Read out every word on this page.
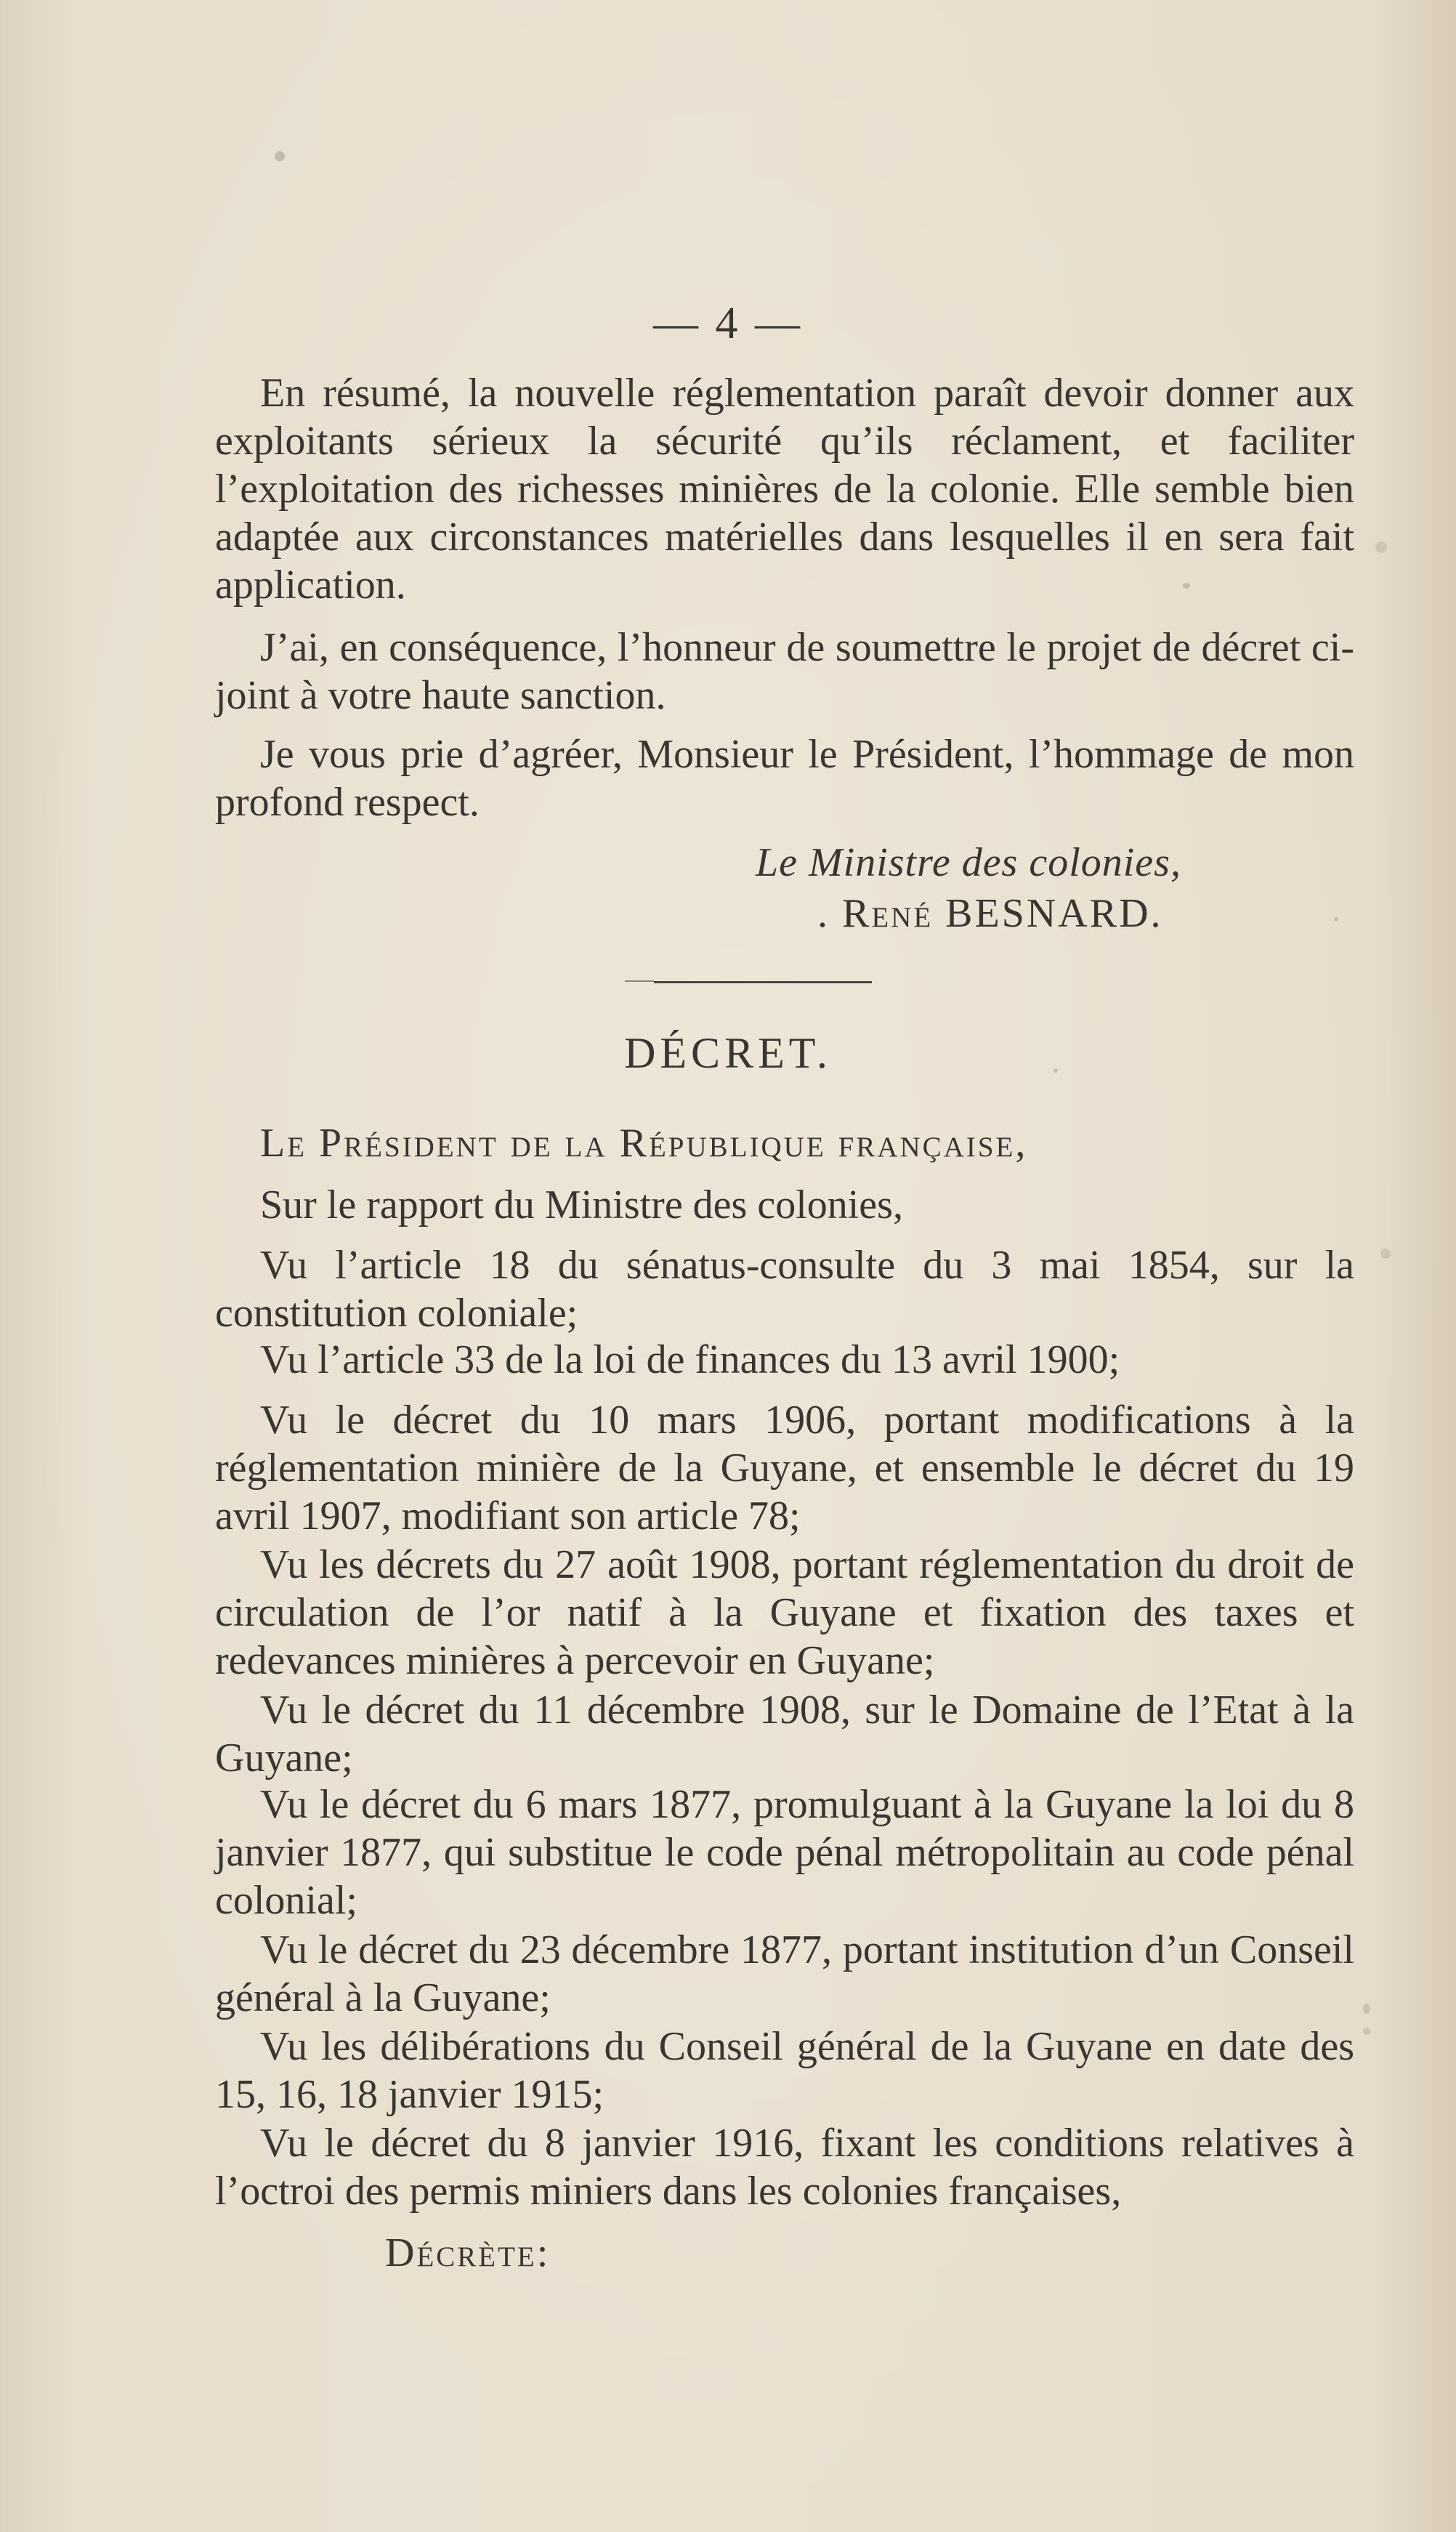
— 4 —

En résumé, la nouvelle réglementation paraît devoir donner aux exploitants sérieux la sécurité qu’ils réclament, et faciliter l’exploitation des richesses minières de la colonie. Elle semble bien adaptée aux circonstances matérielles dans lesquelles il en sera fait application.

J’ai, en conséquence, l’honneur de soumettre le projet de décret ci-joint à votre haute sanction.

Je vous prie d’agréer, Monsieur le Président, l’hommage de mon profond respect.

Le Ministre des colonies,
. René BESNARD.
DÉCRET.

Le Président de la République française,

Sur le rapport du Ministre des colonies,

Vu l’article 18 du sénatus-consulte du 3 mai 1854, sur la constitution coloniale;

Vu l’article 33 de la loi de finances du 13 avril 1900;

Vu le décret du 10 mars 1906, portant modifications à la réglementation minière de la Guyane, et ensemble le décret du 19 avril 1907, modifiant son article 78;

Vu les décrets du 27 août 1908, portant réglementation du droit de circulation de l’or natif à la Guyane et fixation des taxes et redevances minières à percevoir en Guyane;

Vu le décret du 11 décembre 1908, sur le Domaine de l’Etat à la Guyane;

Vu le décret du 6 mars 1877, promulguant à la Guyane la loi du 8 janvier 1877, qui substitue le code pénal métropolitain au code pénal colonial;

Vu le décret du 23 décembre 1877, portant institution d’un Conseil général à la Guyane;

Vu les délibérations du Conseil général de la Guyane en date des 15, 16, 18 janvier 1915;

Vu le décret du 8 janvier 1916, fixant les conditions relatives à l’octroi des permis miniers dans les colonies françaises,

Décrète:
